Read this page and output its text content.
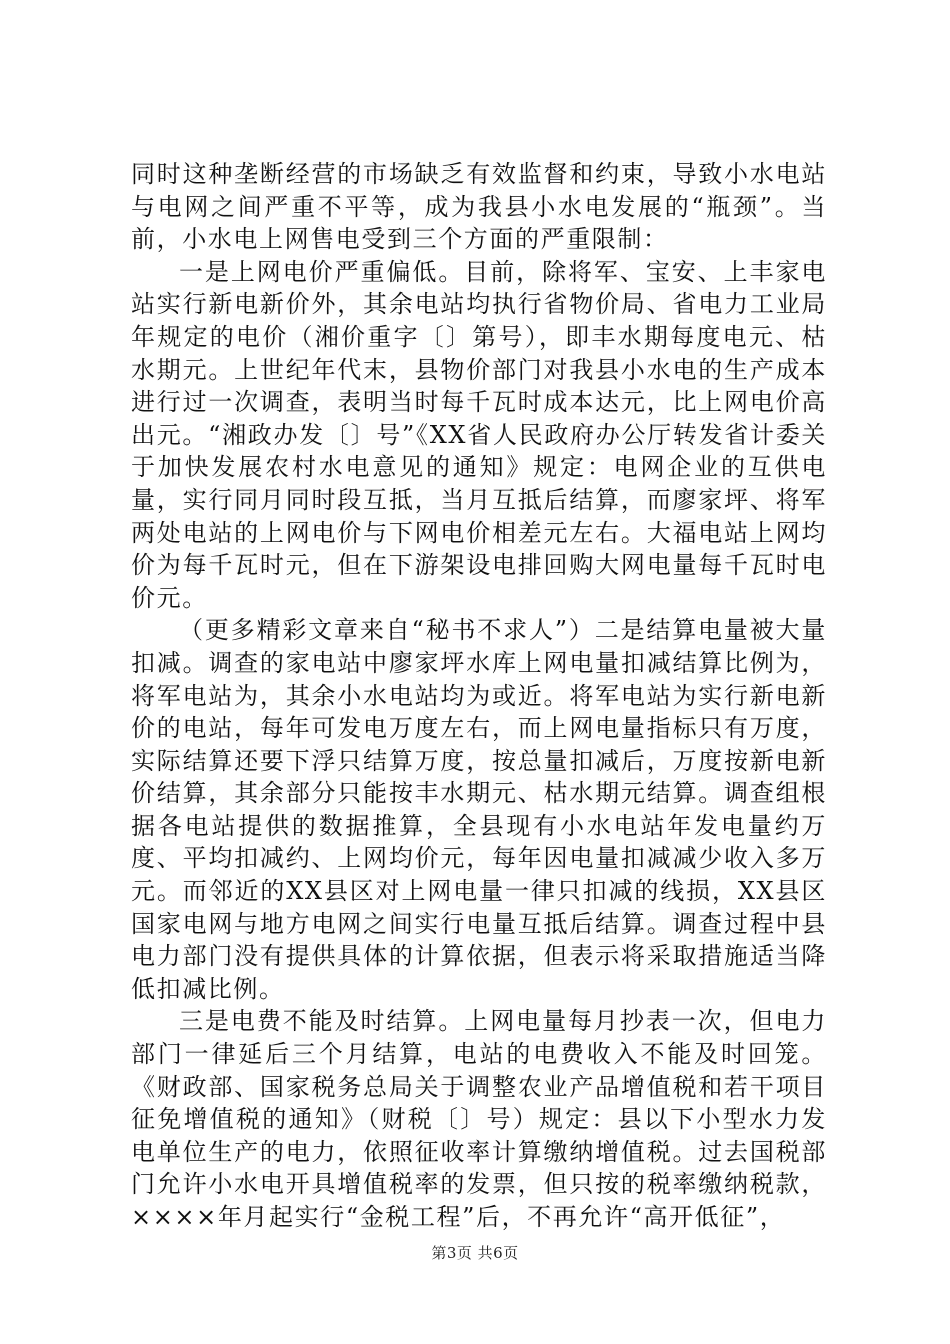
同时这种垄断经营的市场缺乏有效监督和约束，导致小水电站与电网之间严重不平等，成为我县小水电发展的“瓶颈”。当前，小水电上网售电受到三个方面的严重限制：

一是上网电价严重偏低。目前，除将军、宝安、上丰家电站实行新电新价外，其余电站均执行省物价局、省电力工业局年规定的电价（湘价重字〔〕第号），即丰水期每度电元、枯水期元。上世纪年代末，县物价部门对我县小水电的生产成本进行过一次调查，表明当时每千瓦时成本达元，比上网电价高出元。“湘政办发〔〕号”《XX省人民政府办公厅转发省计委关于加快发展农村水电意见的通知》规定：电网企业的互供电量，实行同月同时段互抵，当月互抵后结算，而廖家坪、将军两处电站的上网电价与下网电价相差元左右。大福电站上网均价为每千瓦时元，但在下游架设电排回购大网电量每千瓦时电价元。

（更多精彩文章来自“秘书不求人”）二是结算电量被大量扣减。调查的家电站中廖家坪水库上网电量扣减结算比例为，将军电站为，其余小水电站均为或近。将军电站为实行新电新价的电站，每年可发电万度左右，而上网电量指标只有万度，实际结算还要下浮只结算万度，按总量扣减后，万度按新电新价结算，其余部分只能按丰水期元、枯水期元结算。调查组根据各电站提供的数据推算，全县现有小水电站年发电量约万度、平均扣减约、上网均价元，每年因电量扣减减少收入多万元。而邻近的XX县区对上网电量一律只扣减的线损，XX县区国家电网与地方电网之间实行电量互抵后结算。调查过程中县电力部门没有提供具体的计算依据，但表示将采取措施适当降低扣减比例。

三是电费不能及时结算。上网电量每月抄表一次，但电力部门一律延后三个月结算，电站的电费收入不能及时回笼。《财政部、国家税务总局关于调整农业产品增值税和若干项目征免增值税的通知》（财税〔〕号）规定：县以下小型水力发电单位生产的电力，依照征收率计算缴纳增值税。过去国税部门允许小水电开具增值税率的发票，但只按的税率缴纳税款，××××年月起实行“金税工程”后，不再允许“高开低征”，

第3页 共6页
